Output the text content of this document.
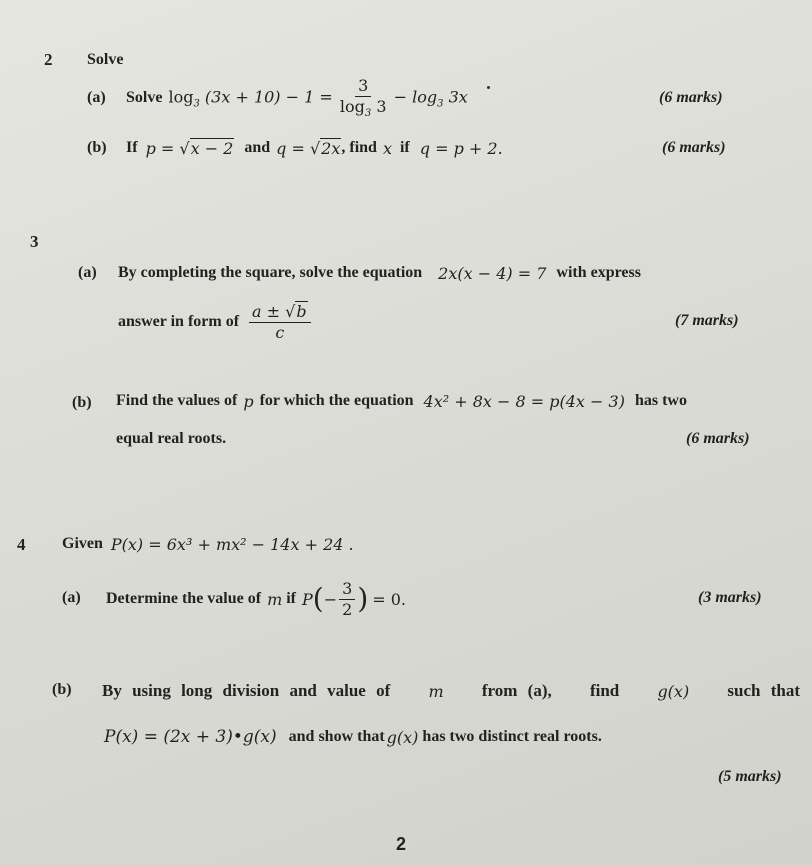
2 Solve
(a) Solve $\log_3 (3x + 10) - 1 = \frac{3}{\log_3 3} - \log_3 3x$	(6 marks)
(b) If p = √x − 2 and q = √2x , find x if q = p + 2.	(6 marks)
3
(a) By completing the square, solve the equation 2x(x − 4) = 7 with express
answer in form of $\frac{a \pm √b}{c}$	(7 marks)
(b) Find the values of p for which the equation 4x² + 8x − 8 = p(4x − 3) has two
equal real roots.	(6 marks)
4 Given P(x) = 6x³ + mx² − 14x + 24 .
(a) Determine the value of m if P ( − $\frac{3}{2}$ ) = 0.	(3 marks)
(b) By using long division and value of m from (a), find g(x) such that
P(x) = (2x + 3)•g(x) and show that g(x) has two distinct real roots.
(5 marks)
2
